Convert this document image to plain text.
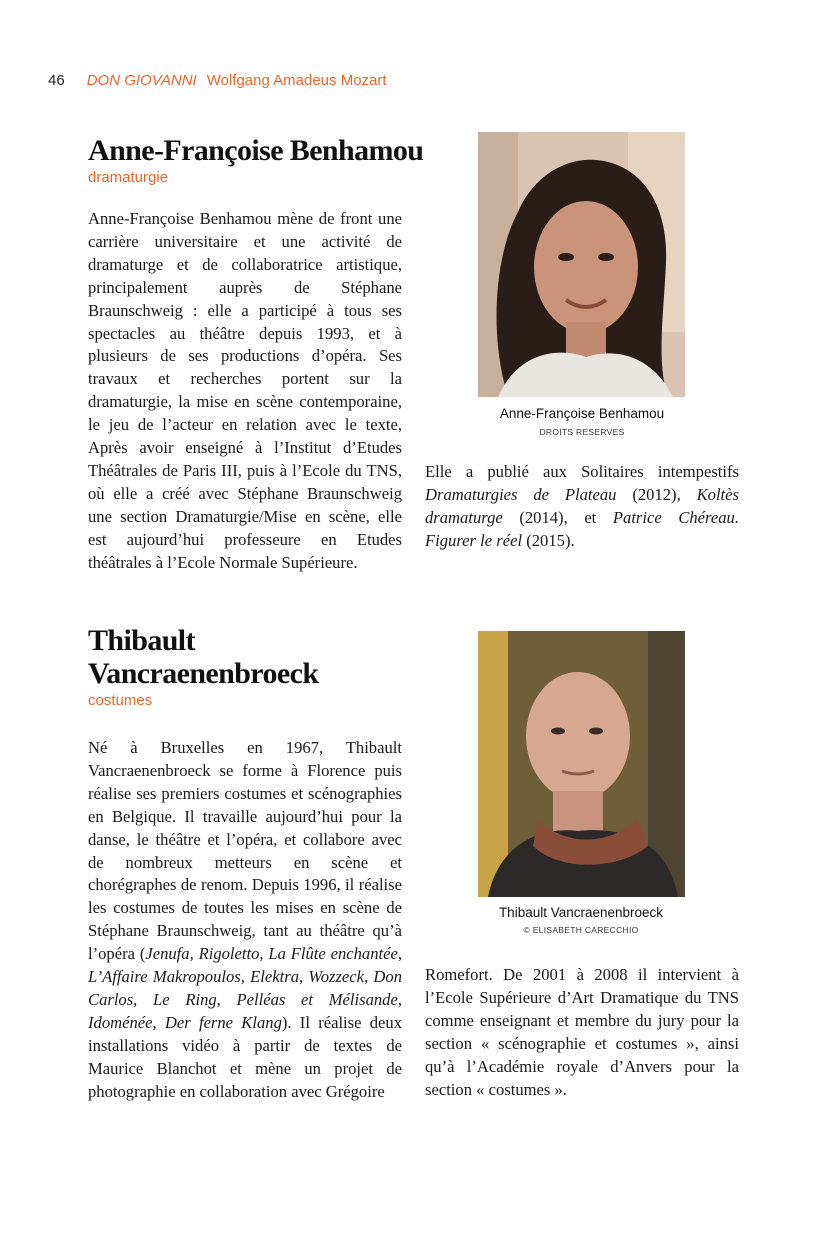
46 DON GIOVANNI Wolfgang Amadeus Mozart
Anne-Françoise Benhamou
dramaturgie

Anne-Françoise Benhamou mène de front une carrière universitaire et une activité de dramaturge et de collaboratrice artistique, principalement auprès de Stéphane Braunschweig : elle a participé à tous ses spectacles au théâtre depuis 1993, et à plusieurs de ses productions d’opéra. Ses travaux et recherches portent sur la dramaturgie, la mise en scène contemporaine, le jeu de l’acteur en relation avec le texte, Après avoir enseigné à l’Institut d’Etudes Théâtrales de Paris III, puis à l’Ecole du TNS, où elle a créé avec Stéphane Braunschweig une section Dramaturgie/Mise en scène, elle est aujourd’hui professeure en Etudes théâtrales à l’Ecole Normale Supérieure.

Anne-Françoise Benhamou
DROITS RESERVES

Elle a publié aux Solitaires intempestifs Dramaturgies de Plateau (2012), Koltès dramaturge (2014), et Patrice Chéreau. Figurer le réel (2015).

Thibault
Vancraenenbroeck
costumes

Né à Bruxelles en 1967, Thibault Vancraenenbroeck se forme à Florence puis réalise ses premiers costumes et scénographies en Belgique. Il travaille aujourd’hui pour la danse, le théâtre et l’opéra, et collabore avec de nombreux metteurs en scène et chorégraphes de renom. Depuis 1996, il réalise les costumes de toutes les mises en scène de Stéphane Braunschweig, tant au théâtre qu’à l’opéra (Jenufa, Rigoletto, La Flûte enchantée, L’Affaire Makropoulos, Elektra, Wozzeck, Don Carlos, Le Ring, Pelléas et Mélisande, Idoménée, Der ferne Klang). Il réalise deux installations vidéo à partir de textes de Maurice Blanchot et mène un projet de photographie en collaboration avec Grégoire

Thibault Vancraenenbroeck
© ELISABETH CARECCHIO

Romefort. De 2001 à 2008 il intervient à l’Ecole Supérieure d’Art Dramatique du TNS comme enseignant et membre du jury pour la section « scénographie et costumes », ainsi qu’à l’Académie royale d’Anvers pour la section « costumes ».
